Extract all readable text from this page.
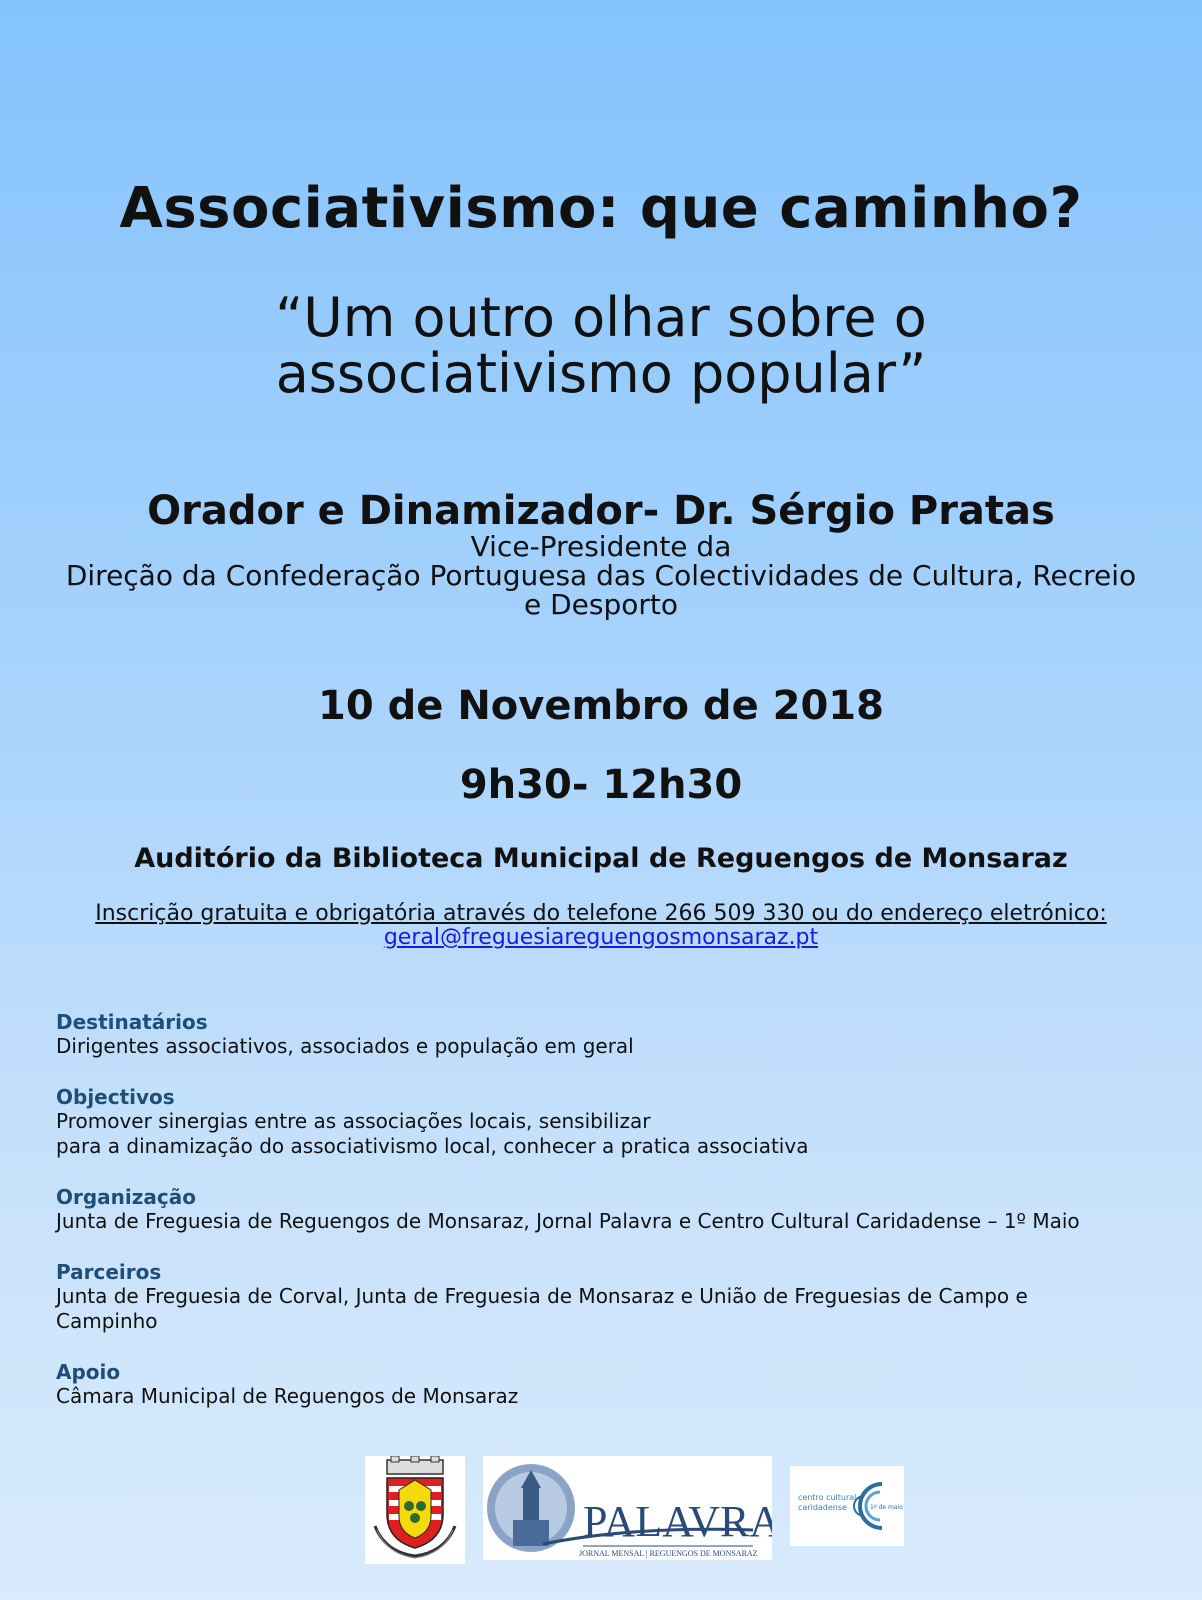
Associativismo: que caminho?
“Um outro olhar sobre o
associativismo popular”
Orador e Dinamizador- Dr. Sérgio Pratas
Vice-Presidente da
Direção da Confederação Portuguesa das Colectividades de Cultura, Recreio
e Desporto
10 de Novembro de 2018
9h30- 12h30
Auditório da Biblioteca Municipal de Reguengos de Monsaraz
Inscrição gratuita e obrigatória através do telefone 266 509 330 ou do endereço eletrónico:
geral@freguesiareguengosmonsaraz.pt
Destinatários

Dirigentes associativos, associados e população em geral

Objectivos

Promover sinergias entre as associações locais, sensibilizar

para a dinamização do associativismo local, conhecer a pratica associativa

Organização

Junta de Freguesia de Reguengos de Monsaraz, Jornal Palavra e Centro Cultural Caridadense – 1º Maio

Parceiros

Junta de Freguesia de Corval, Junta de Freguesia de Monsaraz e União de Freguesias de Campo e

Campinho

Apoio

Câmara Municipal de Reguengos de Monsaraz

PALAVRA
JORNAL MENSAL | REGUENGOS DE MONSARAZ
centro cultural
caridadense	1º de maio
